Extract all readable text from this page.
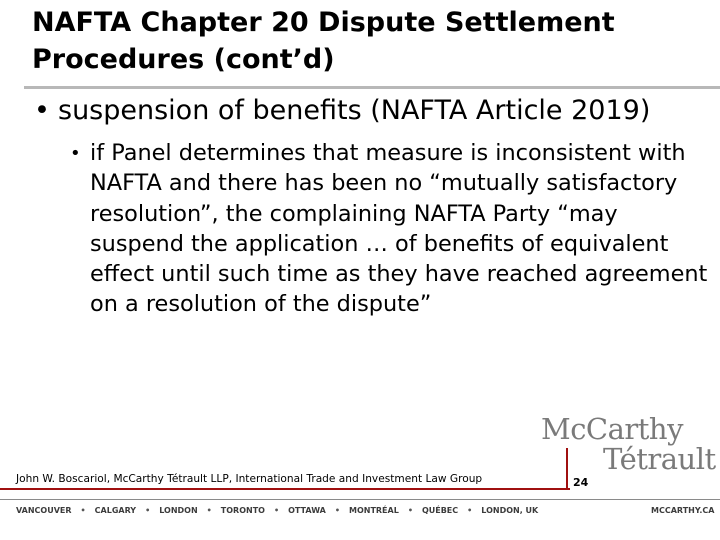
NAFTA Chapter 20 Dispute Settlement
Procedures (cont’d)
• suspension of benefits (NAFTA Article 2019)
• if Panel determines that measure is inconsistent with NAFTA and there has been no “mutually satisfactory resolution”, the complaining NAFTA Party “may suspend the application … of benefits of equivalent effect until such time as they have reached agreement on a resolution of the dispute”
McCarthy
Tétrault
John W. Boscariol, McCarthy Tétrault LLP, International Trade and Investment Law Group	24
VANCOUVER • CALGARY • LONDON • TORONTO • OTTAWA • MONTRÉAL • QUÉBEC • LONDON, UK	MCCARTHY.CA
